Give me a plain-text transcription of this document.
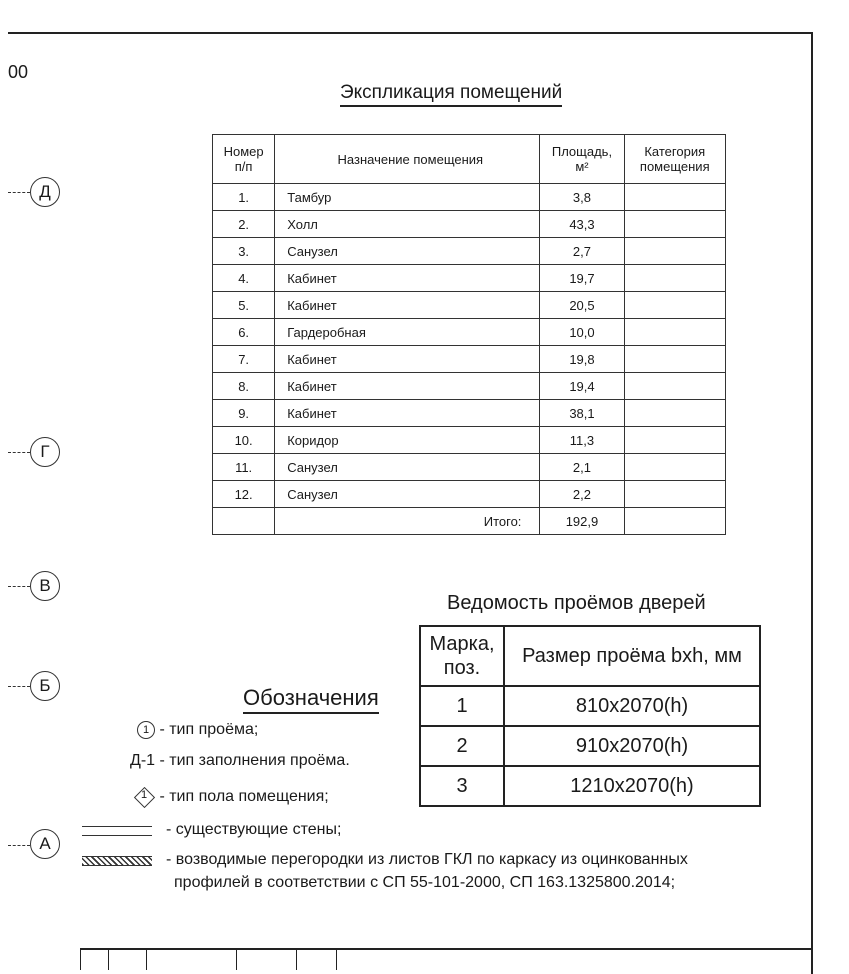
00
Экспликация помещений
Номер п/п	Назначение помещения	Площадь, м²	Категория помещения
1.	Тамбур	3,8	
2.	Холл	43,3	
3.	Санузел	2,7	
4.	Кабинет	19,7	
5.	Кабинет	20,5	
6.	Гардеробная	10,0	
7.	Кабинет	19,8	
8.	Кабинет	19,4	
9.	Кабинет	38,1	
10.	Коридор	11,3	
11.	Санузел	2,1	
12.	Санузел	2,2	
	Итого:	192,9	
Д
Г
В
Б
А
Ведомость проёмов дверей
Марка, поз.	Размер проёма bxh, мм
1	810x2070(h)
2	910x2070(h)
3	1210x2070(h)
Обозначения
1 - тип проёма;
Д-1 - тип заполнения проёма.
1 - тип пола помещения;
- существующие стены;
- возводимые перегородки из листов ГКЛ по каркасу из оцинкованных
профилей в соответствии с СП 55-101-2000, СП 163.1325800.2014;
